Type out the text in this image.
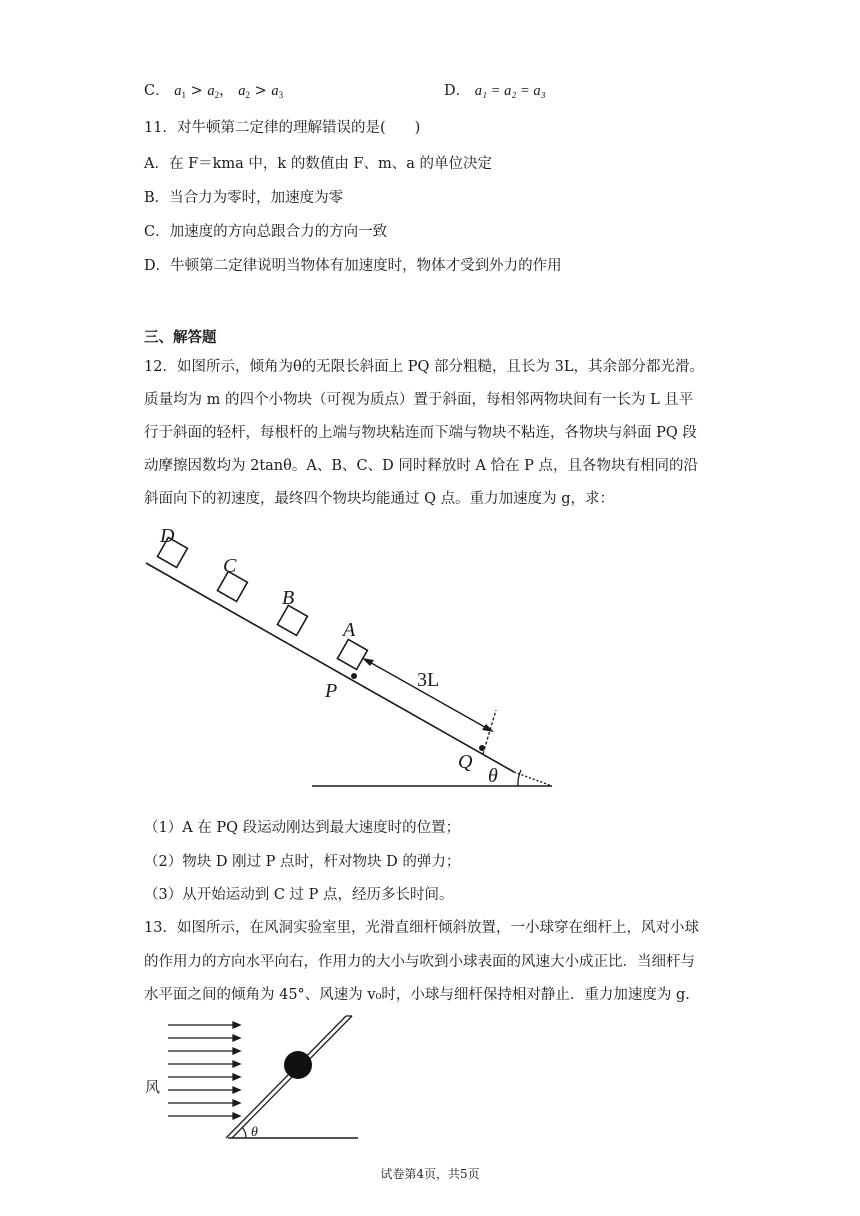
C． $a_1 > a_2$， $a_2 > a_3$	D． a₁ = a₂ = a₃
11．对牛顿第二定律的理解错误的是(　　)
A．在 F＝kma 中，k 的数值由 F、m、a 的单位决定
B．当合力为零时，加速度为零
C．加速度的方向总跟合力的方向一致
D．牛顿第二定律说明当物体有加速度时，物体才受到外力的作用
三、解答题
12．如图所示，倾角为θ的无限长斜面上 PQ 部分粗糙，且长为 3L，其余部分都光滑。
质量均为 m 的四个小物块（可视为质点）置于斜面，每相邻两物块间有一长为 L 且平
行于斜面的轻杆，每根杆的上端与物块粘连而下端与物块不粘连，各物块与斜面 PQ 段
动摩擦因数均为 2tanθ。A、B、C、D 同时释放时 A 恰在 P 点，且各物块有相同的沿
斜面向下的初速度，最终四个物块均能通过 Q 点。重力加速度为 g，求：
D
C
B
A
P	3L
Q
θ
（1）A 在 PQ 段运动刚达到最大速度时的位置；
（2）物块 D 刚过 P 点时，杆对物块 D 的弹力；
（3）从开始运动到 C 过 P 点，经历多长时间。
13．如图所示，在风洞实验室里，光滑直细杆倾斜放置，一小球穿在细杆上，风对小球
的作用力的方向水平向右，作用力的大小与吹到小球表面的风速大小成正比．当细杆与
水平面之间的倾角为 45°、风速为 v₀时，小球与细杆保持相对静止．重力加速度为 g.
风
θ
试卷第4页，共5页
